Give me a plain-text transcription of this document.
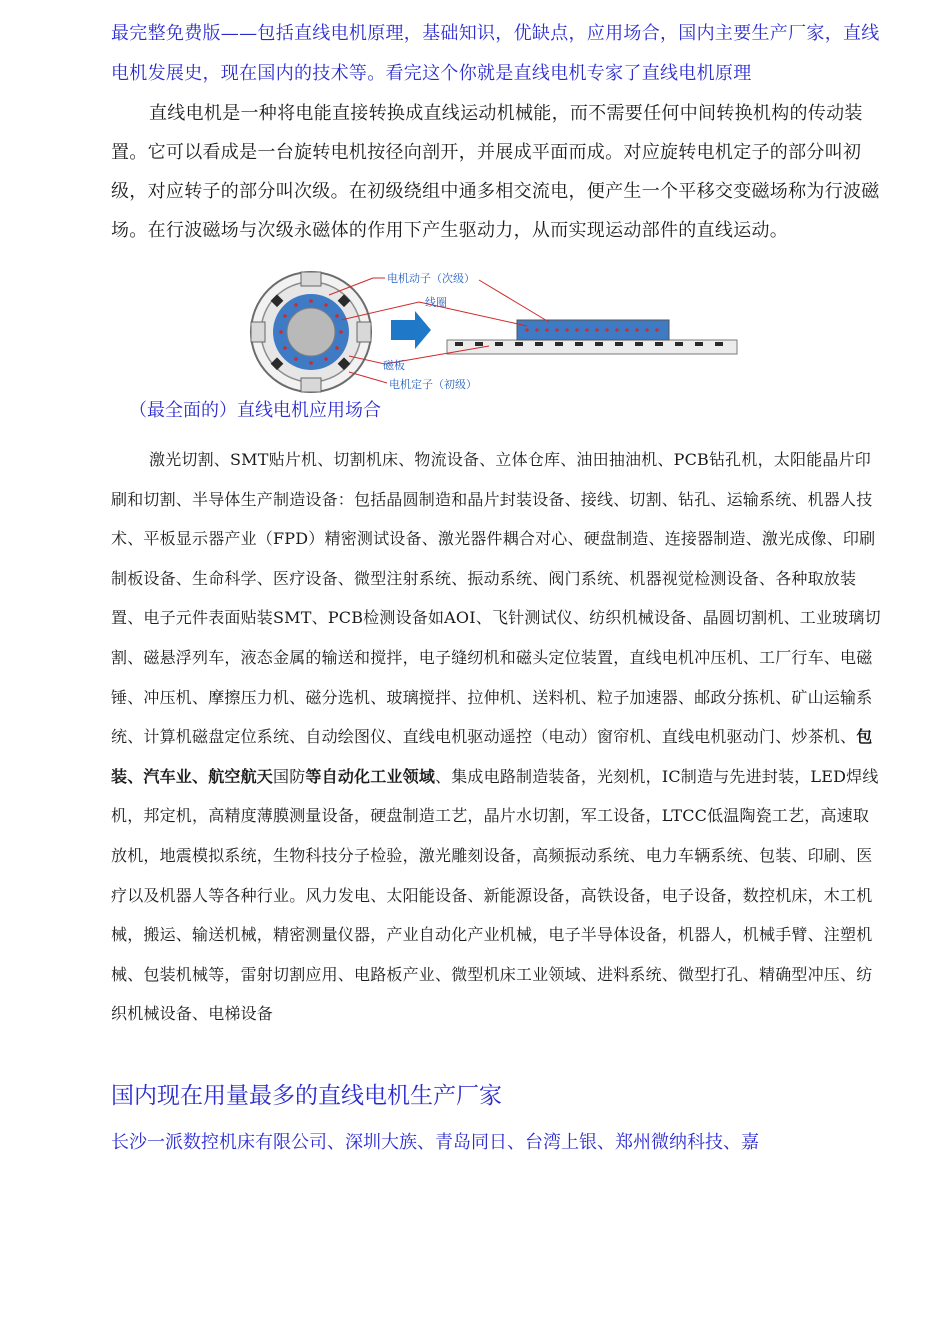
最完整免费版——包括直线电机原理，基础知识，优缺点，应用场合，国内主要生产厂家，直线电机发展史，现在国内的技术等。看完这个你就是直线电机专家了直线电机原理

直线电机是一种将电能直接转换成直线运动机械能，而不需要任何中间转换机构的传动装置。它可以看成是一台旋转电机按径向剖开，并展成平面而成。对应旋转电机定子的部分叫初级，对应转子的部分叫次级。在初级绕组中通多相交流电，便产生一个平移交变磁场称为行波磁场。在行波磁场与次级永磁体的作用下产生驱动力，从而实现运动部件的直线运动。

电机动子（次级）
线圈
磁板
电机定子（初级）

（最全面的）直线电机应用场合

激光切割、SMT贴片机、切割机床、物流设备、立体仓库、油田抽油机、PCB钻孔机，太阳能晶片印刷和切割、半导体生产制造设备：包括晶圆制造和晶片封装设备、接线、切割、钻孔、运输系统、机器人技术、平板显示器产业（FPD）精密测试设备、激光器件耦合对心、硬盘制造、连接器制造、激光成像、印刷制板设备、生命科学、医疗设备、微型注射系统、振动系统、阀门系统、机器视觉检测设备、各种取放装置、电子元件表面贴装SMT、PCB检测设备如AOI、飞针测试仪、纺织机械设备、晶圆切割机、工业玻璃切割、磁悬浮列车，液态金属的输送和搅拌，电子缝纫机和磁头定位装置，直线电机冲压机、工厂行车、电磁锤、冲压机、摩擦压力机、磁分选机、玻璃搅拌、拉伸机、送料机、粒子加速器、邮政分拣机、矿山运输系统、计算机磁盘定位系统、自动绘图仪、直线电机驱动遥控（电动）窗帘机、直线电机驱动门、炒茶机、包装、汽车业、航空航天国防等自动化工业领域、集成电路制造装备，光刻机，IC制造与先进封装，LED焊线机，邦定机，高精度薄膜测量设备，硬盘制造工艺，晶片水切割，军工设备，LTCC低温陶瓷工艺，高速取放机，地震模拟系统，生物科技分子检验，激光雕刻设备，高频振动系统、电力车辆系统、包装、印刷、医疗以及机器人等各种行业。风力发电、太阳能设备、新能源设备，高铁设备，电子设备，数控机床，木工机械，搬运、输送机械，精密测量仪器，产业自动化产业机械，电子半导体设备，机器人，机械手臂、注塑机械、包装机械等，雷射切割应用、电路板产业、微型机床工业领域、进料系统、微型打孔、精确型冲压、纺织机械设备、电梯设备

国内现在用量最多的直线电机生产厂家

长沙一派数控机床有限公司、深圳大族、青岛同日、台湾上银、郑州微纳科技、嘉
